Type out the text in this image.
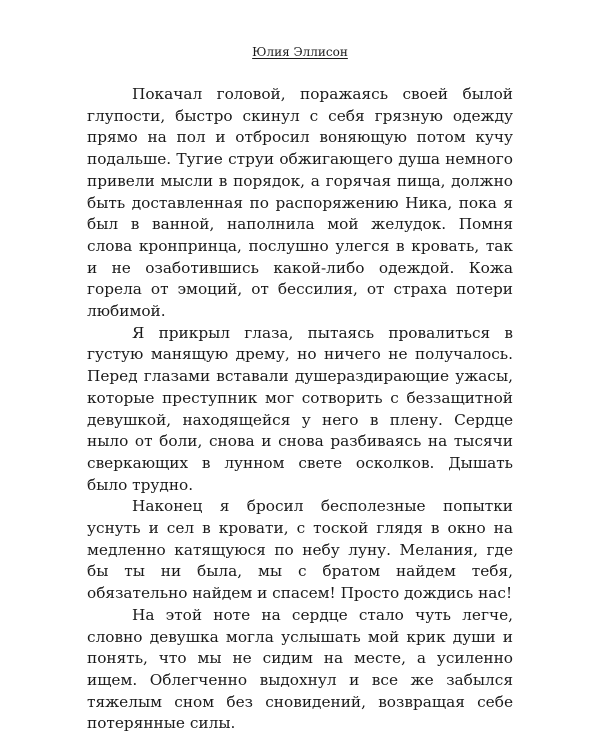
Юлия Эллисон

Покачал головой, поражаясь своей былой глупости, быстро скинул с себя грязную одежду прямо на пол и отбросил воняющую потом кучу подальше. Тугие струи обжигающего душа немного привели мысли в порядок, а горячая пища, должно быть доставленная по распоряжению Ника, пока я был в ванной, наполнила мой желудок. Помня слова кронпринца, послушно улегся в кровать, так и не озаботившись какой-либо одеждой. Кожа горела от эмоций, от бессилия, от страха потери любимой.

Я прикрыл глаза, пытаясь провалиться в густую манящую дрему, но ничего не получалось. Перед глазами вставали душераздирающие ужасы, которые преступник мог сотворить с беззащитной девушкой, находящейся у него в плену. Сердце ныло от боли, снова и снова разбиваясь на тысячи сверкающих в лунном свете осколков. Дышать было трудно.

Наконец я бросил бесполезные попытки уснуть и сел в кровати, с тоской глядя в окно на медленно катящуюся по небу луну. Мелания, где бы ты ни была, мы с братом найдем тебя, обязательно найдем и спасем! Просто дождись нас!

На этой ноте на сердце стало чуть легче, словно девушка могла услышать мой крик души и понять, что мы не сидим на месте, а усиленно ищем. Облегченно выдохнул и все же забылся тяжелым сном без сновидений, возвращая себе потерянные силы.
